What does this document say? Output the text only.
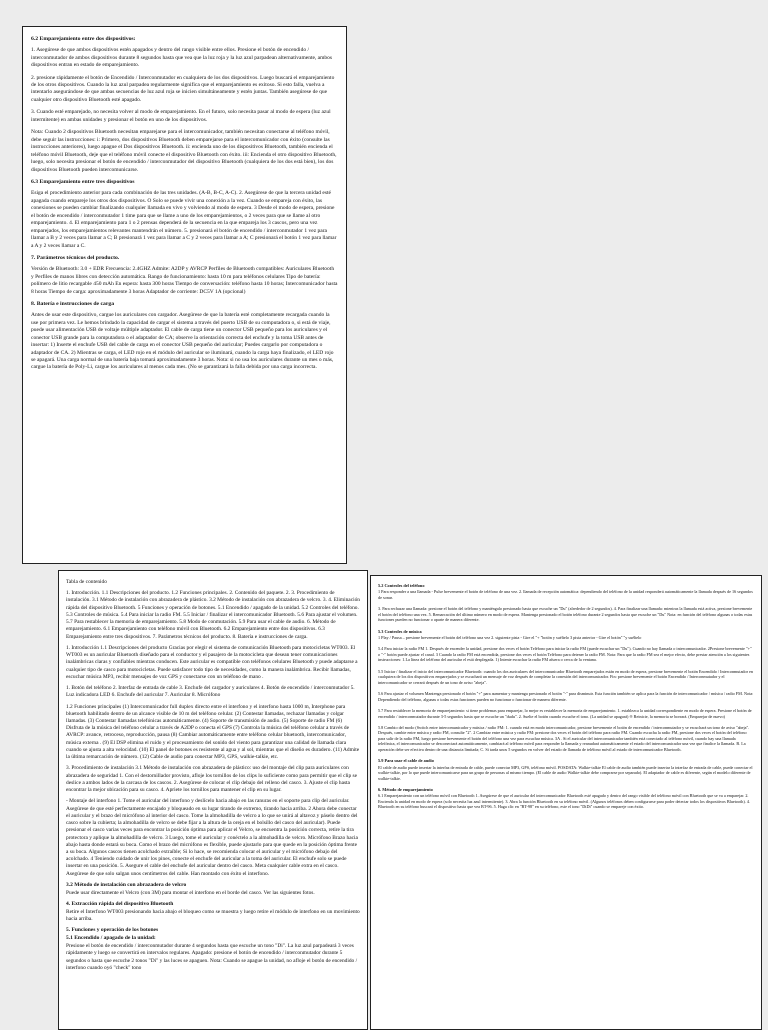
6.2 Emparejamiento entre dos dispositivos:
1. Asegúrese de que ambos dispositivos estén apagados y dentro del rango visible entre ellos. Presione el botón de encendido / interconmutador de ambos dispositivos durante 8 segundos hasta que vea que la luz roja y la luz azul parpadean alternativamente, ambos dispositivos entran en estado de emparejamiento.
2. presione rápidamente el botón de Encendido / Interconmutador en cualquiera de los dos dispositivos. Luego buscará el emparejamiento de los otros dispositivos. Cuando la luz azul parpadea regularmente significa que el emparejamiento es exitoso. Si esto falla, vuelva a intentarlo asegurándose de que ambas secuencias de luz azul roja se inicien simultáneamente y estén juntas. También asegúrese de que cualquier otro dispositivo Bluetooth esté apagado.
3. Cuando esté emparejado, no necesita volver al modo de emparejamiento. En el futuro, solo necesita pasar al modo de espera (luz azul intermitente) en ambas unidades y presionar el botón en uno de los dispositivos.
Nota: Cuando 2 dispositivos Bluetooth necesitan emparejarse para el intercomunicador, también necesitan conectarse al teléfono móvil, debe seguir las instrucciones: i: Primero, dos dispositivos Bluetooth deben emparejarse para el intercomunicador con éxito (consulte las instrucciones anteriores), luego apague el Dos dispositivos Bluetooth. ii: encienda uno de los dispositivos Bluetooth, también encienda el teléfono móvil Bluetooth, deje que el teléfono móvil conecte el dispositivo Bluetooth con éxito. iii: Encienda el otro dispositivo Bluetooth, luego, solo necesita presionar el botón de encendido / interconmutador del dispositivo Bluetooth (cualquiera de los dos está bien), los dos dispositivos Bluetooth pueden intercomunicarse.
6.3 Emparejamiento entre tres dispositivos
Esiga el procedimiento anterior para cada combinación de las tres unidades. (A-B, B-C, A-C). 2. Asegúrese de que la tercera unidad esté apagada cuando empareje los otros dos dispositivos. O Solo se puede vivir una conexión a la vez. Cuando se empareja con éxito, las conexiones se pueden cambiar finalizando cualquier llamada en vivo y volviendo al modo de espera. 3 Desde el modo de espera, presione el botón de encendido / interconmutador 1 time para que se llame a uno de los emparejamientos, o 2 veces para que se llame al otro emparejamiento. 4. El emparejamiento para 1 o 2 prensas dependerá de la secuencia en la que empareja los 3 cascos, pero una vez emparejados, los emparejamientos relevantes mantendrán el número. 5. presionará el botón de encendido / interconmutador 1 vez para llamar a B y 2 veces para llamar a C; B presionará 1 vez para llamar a C y 2 veces para llamar a A; C presionará el botón 1 vez para llamar a A y 2 veces llamar a C.
7. Parámetros técnicos del producto.
Versión de Bluetooth: 3.0 + EDR Frecuencia: 2.4GHZ Admite: A2DP y AVRCP Perfiles de Bluetooth compatibles: Auriculares Bluetooth y Perfiles de manos libres con detección automática. Rango de funcionamiento: hasta 10 m para teléfonos celulares Tipo de batería: polímero de litio recargable 450 mAh En espera: hasta 300 horas Tiempo de conversación: teléfono hasta 10 horas; Intercomunicador hasta 8 horas Tiempo de carga: aproximadamente 3 horas Adaptador de corriente: DC5V 1A (opcional)
8. Batería e instrucciones de carga
Antes de usar este dispositivo, cargue los auriculares con cargador. Asegúrese de que la batería esté completamente recargada cuando la use por primera vez. Le hemos brindado la capacidad de cargar el sistema a través del puerto USB de su computadora o, si está de viaje, puede usar alimentación USB de voltaje múltiple adaptador. El cable de carga tiene un conector USB pequeño para los auriculares y el conector USB grande para la computadora o el adaptador de CA; observe la orientación correcta del enchufe y la toma USB antes de insertar: 1) Inserte el enchufe USB del cable de carga en el conector USB pequeño del auricular; Puedes cargarlo por computadora o adaptador de CA. 2) Mientras se carga, el LED rojo en el módulo del auricular se iluminará, cuando la carga haya finalizado, el LED rojo se apagará. Una carga normal de una batería baja tomará aproximadamente 3 horas. Nota: si no usa los auriculares durante un mes o más, cargue la batería de Poly-Li, cargue los auriculares al menos cada mes. (No se garantizará la falla debida por una carga incorrecta.
Tabla de contenido
1. Introducción. 1.1 Descripciones del producto. 1.2 Funciones principales. 2. Contenido del paquete. 2. 3. Procedimiento de instalación. 3.1 Método de instalación con abrazadera de plástico. 3.2 Método de instalación con abrazadera de velcro. 3. 4. Eliminación rápida del dispositivo Bluetooth. 5 Funciones y operación de botones. 5.1 Encendido / apagado de la unidad. 5.2 Controles del teléfono. 5.3 Controles de música. 5.4 Para iniciar la radio FM. 5.5 Iniciar / finalizar el intercomunicador Bluetooth. 5.6 Para ajustar el volumen. 5.7 Para restablecer la memoria de emparejamiento. 5.8 Modo de conmutación. 5.9 Para usar el cable de audio. 6. Método de emparejamiento. 6.1 Emparejamiento con teléfono móvil con Bluetooth. 6.2 Emparejamiento entre dos dispositivos. 6.3 Emparejamiento entre tres dispositivos. 7. Parámetros técnicos del producto. 8. Batería e instrucciones de carga.
1. Introducción 1.1 Descripciones del producto Gracias por elegir el sistema de comunicación Bluetooth para motocicletas WT003. El WT003 es un auricular Bluetooth diseñado para el conductor y el pasajero de la motocicleta que desean tener comunicaciones inalámbricas claras y confiables mientras conducen. Este auricular es compatible con teléfonos celulares Bluetooth y puede adaptarse a cualquier tipo de casco para motocicletas. Puede satisfacer todo tipo de necesidades, como la manera inalámbrica. Recibir llamadas, escuchar música MP3, recibir mensajes de voz GPS y conectarse con un teléfono de mano .
1. Botón del teléfono 2. Interfaz de entrada de cable 3. Enchufe del cargador y auriculares 4. Botón de encendido / interconmutador 5. Luz indicadora LED 6. Enchufe del auricular 7. Auricular 8. Micrófono
1.2 Funciones principales (1) Intercomunicador full duplex directo entre el interfono y el interfono hasta 1000 m, Interphone para bluetooth habilitado dentro de un alcance visible de 10 m del teléfono celular. (2) Contestar llamadas, rechazar llamadas y colgar llamadas. (3) Contestar llamadas telefónicas automáticamente. (4) Soporte de transmisión de audio. (5) Soporte de radio FM (6) Disfruta de la música del teléfono celular a través de A2DP o conecta el GPS (7) Controla la música del teléfono celular a través de AVRCP: avance, retroceso, reproducción, pausa (8) Cambiar automáticamente entre teléfono celular bluetooth, intercomunicador, música externa . (9) El DSP elimina el ruido y el procesamiento del sonido del viento para garantizar una calidad de llamada clara cuando se ajusta a alta velocidad. (10) El panel de botones es resistente al agua y al sol, mientras que el diseño es duradero. (11) Admite la última remarcación de número. (12) Cable de audio para conectar MP3, GPS, walkie-talkie, etc.
3. Procedimiento de instalación 3.1 Método de instalación con abrazadera de plástico: uso del montaje del clip para auriculares con abrazadera de seguridad 1. Con el destornillador provisto, afloje los tornillos de los clips lo suficiente como para permitir que el clip se deslice a ambos lados de la carcasa de los cascos. 2. Asegúrese de colocar el clip debajo del relleno del casco. 3. Ajuste el clip hasta encontrar la mejor ubicación para su casco. 4. Apriete los tornillos para mantener el clip en su lugar.
- Montaje del interfono 1. Tome el auricular del interfono y deslícelo hacia abajo en las ranuras en el soporte para clip del auricular. Asegúrese de que esté perfectamente encajado y bloqueado en su lugar tirando de extremo, tirando hacia arriba. 2 Ahora debe conectar el auricular y el brazo del micrófono al interior del casco. Tome la almohadilla de velcro a lo que se unirá al altavoz y páselo dentro del casco sobre la cubierta; la almohadilla de velcro se debe fijar a la altura de la oreja en el bolsillo del casco del auricular). Puede presionar el casco varias veces para encontrar la posición óptima para aplicar el Velcro, se encuentra la posición correcta, retire la tira protectora y aplique la almohadilla de velcro. 3 Luego, tome el auricular y conéctelo a la almohadilla de velcro. Micrófono Brazo hacia abajo hasta donde estará su boca. Como el brazo del micrófono es flexible, puede ajustarlo para que quede en la posición óptima frente a su boca. Algunos cascos tienen acolchado extraíble; Si lo hace, se recomienda colocar el auricular y el micrófono debajo del acolchado. 4 Teniendo cuidado de unir los pines, conecte el enchufe del auricular a la toma del auricular. El enchufe solo se puede insertar en una posición. 5. Asegure el cable del enchufe del auricular dentro del casco. Meta cualquier cable extra en el casco. Asegúrese de que solo salgan unos centímetros del cable. Han montado con éxito el interfono.
3.2 Método de instalación con abrazadera de velcro
Puede usar directamente el Velcro (con 3M) para montar el interfono en el borde del casco. Ver las siguientes fotos.
4. Extracción rápida del dispositivo Bluetooth
Retire el Interfono WT003 presionando hacia abajo el bloqueo como se muestra y luego retire el módulo de interfono en un movimiento hacia arriba.
5. Funciones y operación de los botones
5.1 Encendido / apagado de la unidad:
Presione el botón de encendido / interconmutador durante 4 segundos hasta que escuche un tono "Di". La luz azul parpadeará 3 veces rápidamente y luego se convertirá en intervalos regulares. Apagado: presione el botón de encendido / interconmutador durante 5 segundos o hasta que escuche 2 tonos "Di" y las luces se apaguen. Nota: Cuando se apague la unidad, no afloje el botón de encendido / interfono cuando oyó "check" tono
5.2 Controles del teléfono
1 Para responder a una llamada - Pulse brevemente el botón de teléfono de una vez. 2. llamada de recepción automática: dependiendo del teléfono de la unidad responderá automáticamente la llamada después de 16 segundos de sonar.
3. Para rechazar una llamada: presione el botón del teléfono y manténgalo presionado hasta que escuche un "Du" (alrededor de 2 segundos). 4. Para finalizar una llamada: mientras la llamada está activa, presione brevemente el botón del teléfono una vez. 5. Remarcación del último número en modo de espera. Mantenga presionado el botón teléfono durante 2 segundos hasta que escuche un "Du" Nota: en función del teléfono algunas o todas estas funciones pueden no funcionar o aparte de manera diferente.
5.3 Controles de música
1 Play / Pausa – presione brevemente el botón del teléfono una vez 2. siguiente pista - Gire el "+ "botón y suéltelo 3 pista anterior - Gire el botón" "y suéltelo
5.4 Para iniciar la radio FM 1. Después de encender la unidad, presione dos veces el botón Teléfono para iniciar la radio FM (puede escuchar un "Du"). Cuando no hay llamada o intercomunicador. 2Presione brevemente "+" o "-" botón puede ajustar el canal. 3 Cuando la radio FM está encendida, presione dos veces el botón Teléfono para detener la radio FM. Nota: Para que la radio FM sea el mejor efecto, debe prestar atención a los siguientes instrucciones: 1.La línea del teléfono del auricular el está desplegada. 1) Intente escuchar la radio FM afuera o cerca de la ventana.
5.5 Iniciar / finalizar el inicio del intercomunicador Bluetooth: cuando los dos auriculares del intercomunicador Bluetooth emparejados están en modo de espera, presione brevemente el botón Encendido / Interconmutador en cualquiera de los dos dispositivos emparejados y se escuchará un mensaje de voz después de completar la conexión del intercomunicador. Fin: presione brevemente el botón Encendido / Interconmutador y el intercomunicador se cerrará después de un tono de aviso "abeja".
5.6 Para ajustar el volumen Mantenga presionado el botón "+" para aumentar y mantenga presionado el botón "-" para disminuir. Esta función también se aplica para la función de intercomunicador / música / radio FM. Nota: Dependiendo del teléfono, algunas o todas estas funciones pueden no funcionar o funcionar de manera diferente.
5.7 Para restablecer la memoria de emparejamiento: si tiene problemas para emparejar, lo mejor es restablecer la memoria de emparejamiento. 1. establezca la unidad correspondiente en modo de espera. Presione el botón de encendido / interconmutador durante 3-5 segundos hasta que se escuche un "dudu". 2. Suelte el botón cuando escuche el tono. (La unidad se apagará) ® Reinicie, la memoria se borrará. (Emparejar de nuevo)
5.8 Cambio del modo (Switch entre intercomunicador y música / radio FM: 1. cuando está en modo intercomunicador, presione brevemente el botón de encendido / interconmutador y se escuchará un tono de aviso "abeja". Después, cambie entre música y radio FM, consulte "2". 2 Cambiar entre música y radio FM: presione dos veces el botón del teléfono para radio FM. Cuando escucha la radio FM, presione dos veces el botón del teléfono para salir de la radio FM, luego presione brevemente el botón del teléfono una vez para escuchar música. 3A . Si el auricular del intercomunicador también está conectado al teléfono móvil, cuando hay una llamada telefónica, el intercomunicador se desconectará automáticamente, cambiará al teléfono móvil para responder la llamada y reanudará automáticamente el estado del intercomunicador una vez que finalice la llamada. B. La operación debe ser efectiva dentro de una distancia limitada; C. Si tarda unos 5 segundos en volver del estado de llamada de teléfono móvil al estado de intercomunicador Bluetooth.
5.9 Para usar el cable de audio
El cable de audio puede insertar la interfaz de entrada de cable, puede conectar MP3, GPS, teléfono móvil. POSDATA: Walkie-talkie El cable de audio también puede insertar la interfaz de entrada de cable, puede conectar el walkie-talkie, por lo que puede intercomunicarse para un grupo de personas al mismo tiempo. (El cable de audio Walkie-talkie debe comprarse por separado). El adaptador de cable es diferente, según el modelo diferente de walkie-talkie.
6. Método de emparejamiento
6.1 Emparejamiento con un teléfono móvil con Bluetooth 1. Asegúrese de que el auricular del intercomunicador Bluetooth esté apagado y dentro del rango visible del teléfono móvil con Bluetooth que se va a emparejar. 2. Encienda la unidad en modo de espera (solo necesita luz azul intermitente). 3. Abra la función Bluetooth en su teléfono móvil. (Algunos teléfonos deben configurarse para poder detectar todos los dispositivos Bluetooth). 4. Bluetooth en su teléfono buscará el dispositivo hasta que vea BT-96. 5. Haga clic en "BT-98" en su teléfono, este el tono "DiDi" cuando se empareje con éxito.
